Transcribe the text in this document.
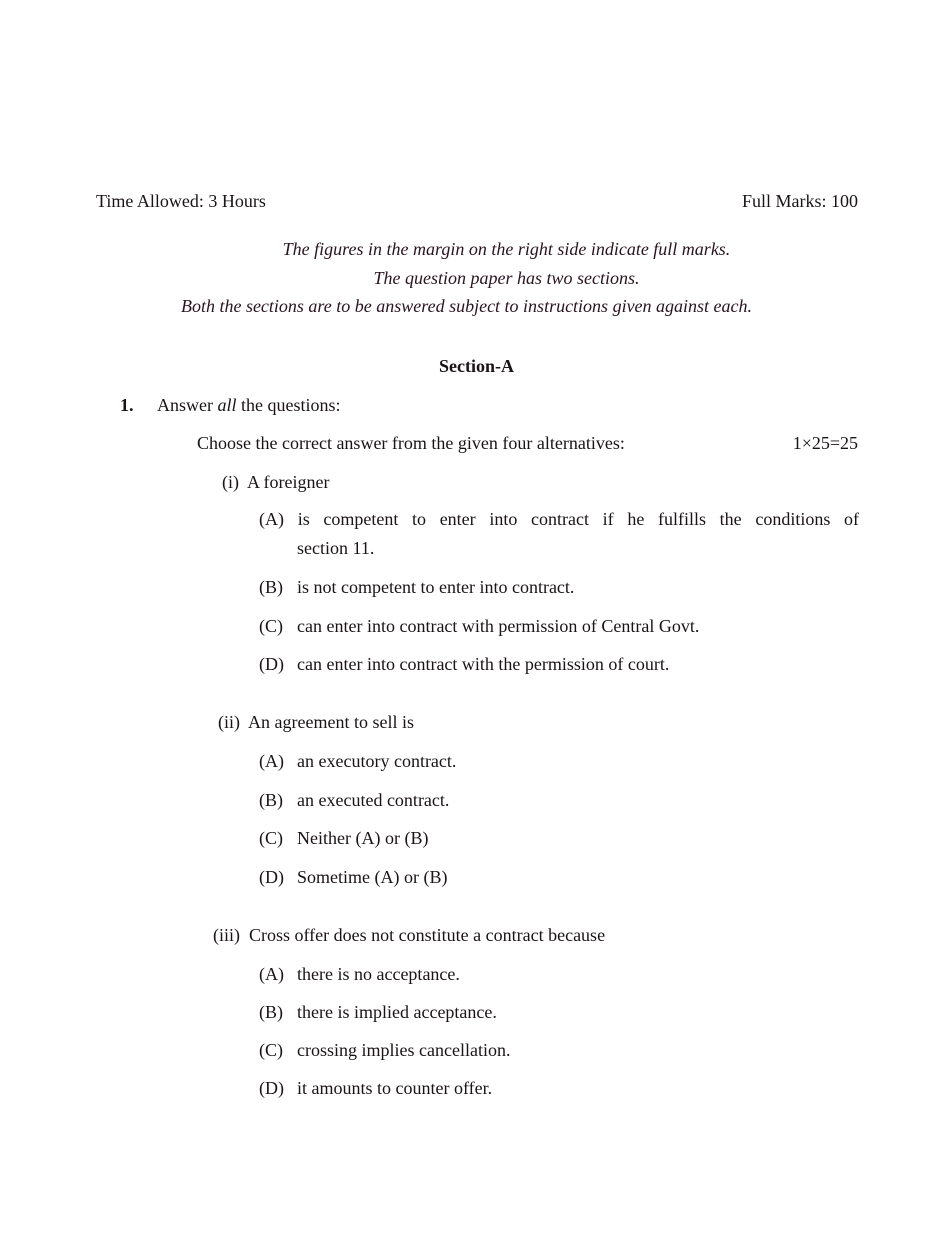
Time Allowed: 3 Hours	Full Marks: 100
The figures in the margin on the right side indicate full marks.
The question paper has two sections.
Both the sections are to be answered subject to instructions given against each.
Section-A
1. Answer all the questions:
Choose the correct answer from the given four alternatives:	1×25=25
(i) A foreigner
(A) is competent to enter into contract if he fulfills the conditions of
section 11.
(B) is not competent to enter into contract.
(C) can enter into contract with permission of Central Govt.
(D) can enter into contract with the permission of court.
(ii) An agreement to sell is
(A) an executory contract.
(B) an executed contract.
(C) Neither (A) or (B)
(D) Sometime (A) or (B)
(iii) Cross offer does not constitute a contract because
(A) there is no acceptance.
(B) there is implied acceptance.
(C) crossing implies cancellation.
(D) it amounts to counter offer.
